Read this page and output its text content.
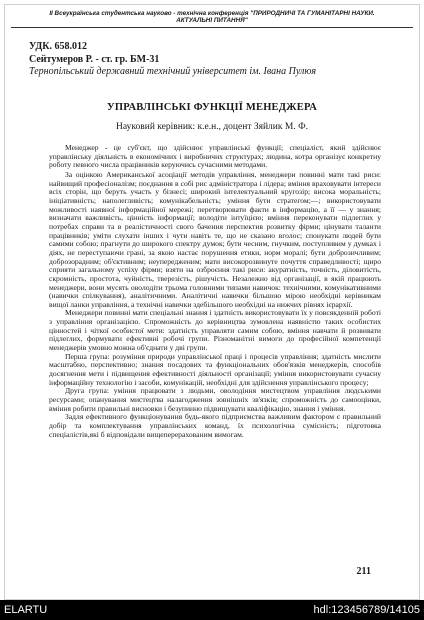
ІІ Всеукраїнська студентська науково - технічна конференція "ПРИРОДНИЧІ ТА ГУМАНІТАРНІ НАУКИ.
АКТУАЛЬНІ ПИТАННЯ"
УДК. 658.012
Сейтумеров Р. - ст. гр. БМ-31
Тернопільський державний технічний університет ім. Івана Пулюя
УПРАВЛІНСЬКІ ФУНКЦІЇ МЕНЕДЖЕРА
Науковий керівник: к.е.н., доцент Зяйлик М. Ф.

Менеджер - це суб'єкт, що здійснює управлінські функції; спеціаліст, який здійснює управлінську діяльність в економічних і виробничих структурах; людина, котра організує конкретну роботу певного числа працівників керуючись сучасними методами.

За оцінкою Американської асоціації методів управління, менеджери повинні мати такі риси: найвищий професіоналізм; поєднання в собі рис адміністратора і лідера; вміння враховувати інтереси всіх сторін, що беруть участь у бізнесі; широкий інтелектуальний кругозір; висока моральність; ініціативність; наполегливість; комунікабельність; уміння бути стратегом;—; використовувати можливості наявної інформаційної мережі; перетворювати факти в інформацію, а її — у знання; визначати важливість, цінність інформації; володіти інтуїцією; вміння переконувати підлеглих у потребах справи та в реалістичності свого бачення перспектив розвитку фірми; цінувати таланти працівників; уміти слухати інших і чути навіть те, що не сказано вголос; спонукати людей бути самими собою; прагнути до широкого спектру думок; бути чесним, гнучким, поступливим у думках і діях, не переступаючи грані, за якою настає порушення етики, норм моралі; бути доброзичливим; доброзорадним; об'єктивним; неупередженим; мати високорозвинуте почуття справедливості; щиро сприяти загальному успіху фірми; взяти на озброєння такі риси: акуратність, точність, діловитість, скромність, простота, чуйність, тверезість, рішучість. Незалежно від організації, в якій працюють менеджери, вони мусять оволодіти трьома головними типами навичок: технічними, комунікативними (навички спілкування), аналітичними. Аналітичні навички більшою мірою необхідні керівникам вищої ланки управління, а технічні навички здебільшого необхідні на нижчих рівнях ієрархії.

Менеджери повинні мати спеціальні знання і здатність використовувати їх у повсякденній роботі з управління організацією. Спроможність до керівництва зумовлена наявністю таких особистих цінностей і чіткої особистої мети: здатність управляти самим собою, вміння навчати й розвивати підлеглих, формувати ефективні робочі групи. Різноманітні вимоги до професійної компетенції менеджерів умовно можна об'єднати у дві групи.

Перша група: розуміння природи управлінської праці і процесів управління; здатність мислити масштабно, перспективно; знання посадових та функціональних обов'язків менеджерів, способів досягнення мети і підвищення ефективності діяльності організації; уміння використовувати сучасну інформаційну технологію і засоби, комунікацій, необхідні для здійснення управлінського процесу;

Друга група: уміння працювати з людьми, оволодіння мистецтвом управління людськими ресурсами; опанування мистецтва налагодження зовнішніх зв'язків; спроможність до самооцінки, вміння робити правильні висновки і безупинно підвищувати кваліфікацію, знання і уміння.

Задля ефективного функціонування будь-якого підприємства важливим фактором є правильний добір та комплектування управлінських команд, їх психологічна сумісність; підготовка спеціалістів,які б відповідали вищеперерахованим вимогам.

211
ELARTU	hdl:123456789/14105
